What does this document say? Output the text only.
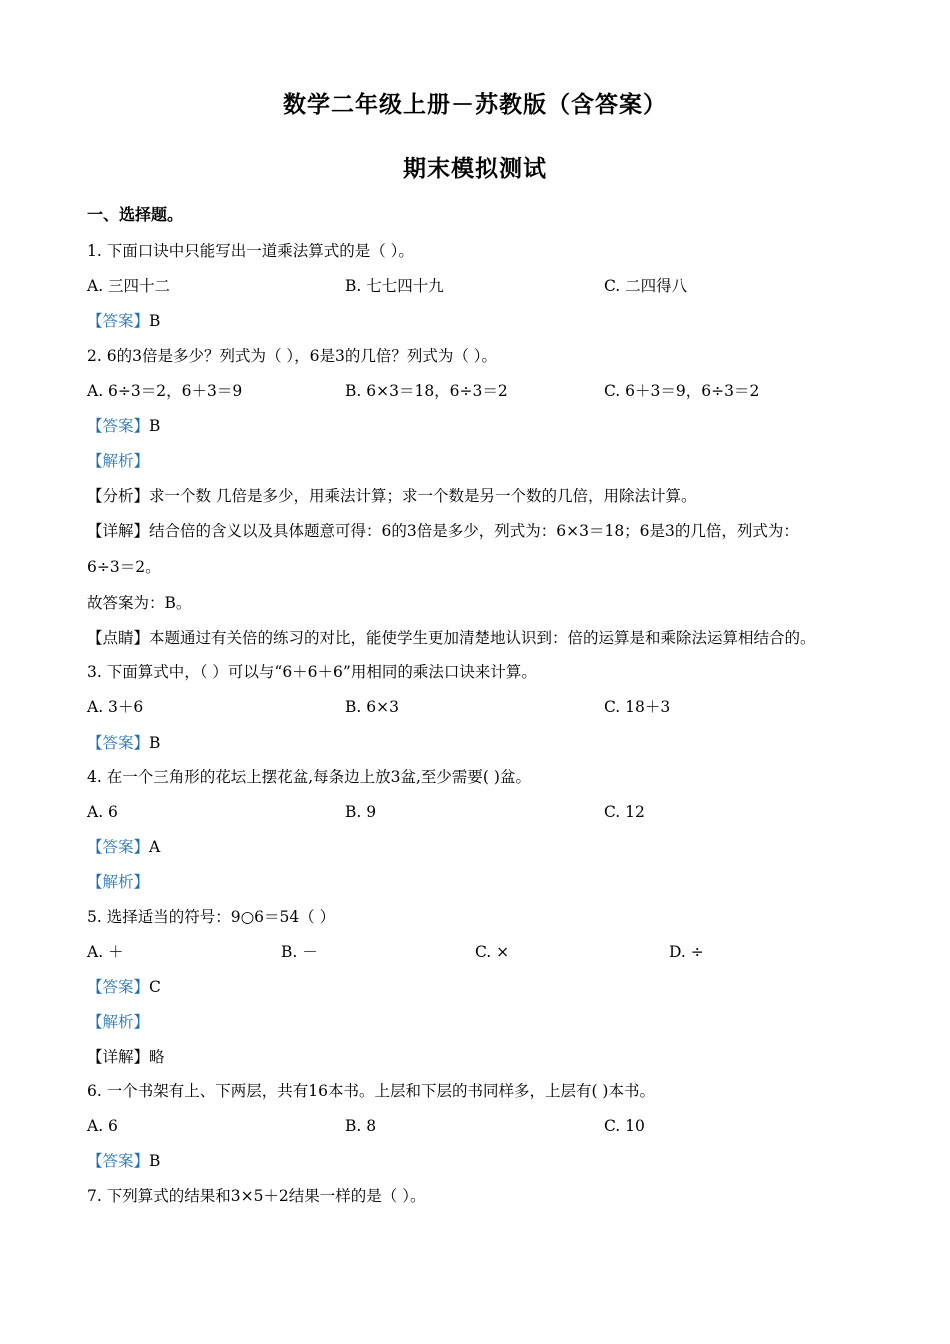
数学二年级上册－苏教版（含答案）
期末模拟测试
一、选择题。
1. 下面口诀中只能写出一道乘法算式的是（ ）。
A. 三四十二	B. 七七四十九	C. 二四得八
【答案】B
2. 6的3倍是多少？列式为（ ），6是3的几倍？列式为（ ）。
A. 6÷3＝2，6＋3＝9	B. 6×3＝18，6÷3＝2	C. 6＋3＝9，6÷3＝2
【答案】B
【解析】
【分析】求一个数 几倍是多少，用乘法计算；求一个数是另一个数的几倍，用除法计算。
【详解】结合倍的含义以及具体题意可得：6的3倍是多少，列式为：6×3＝18；6是3的几倍，列式为：
6÷3＝2。
故答案为：B。
【点睛】本题通过有关倍的练习的对比，能使学生更加清楚地认识到：倍的运算是和乘除法运算相结合的。
3. 下面算式中，（ ）可以与“6＋6＋6”用相同的乘法口诀来计算。
A. 3＋6	B. 6×3	C. 18＋3
【答案】B
4. 在一个三角形的花坛上摆花盆,每条边上放3盆,至少需要( )盆。
A. 6	B. 9	C. 12
【答案】A
【解析】
5. 选择适当的符号：9○6＝54（ ）
A. ＋	B. －	C. ×	D. ÷
【答案】C
【解析】
【详解】略
6. 一个书架有上、下两层，共有16本书。上层和下层的书同样多，上层有( )本书。
A. 6	B. 8	C. 10
【答案】B
7. 下列算式的结果和3×5＋2结果一样的是（ ）。
